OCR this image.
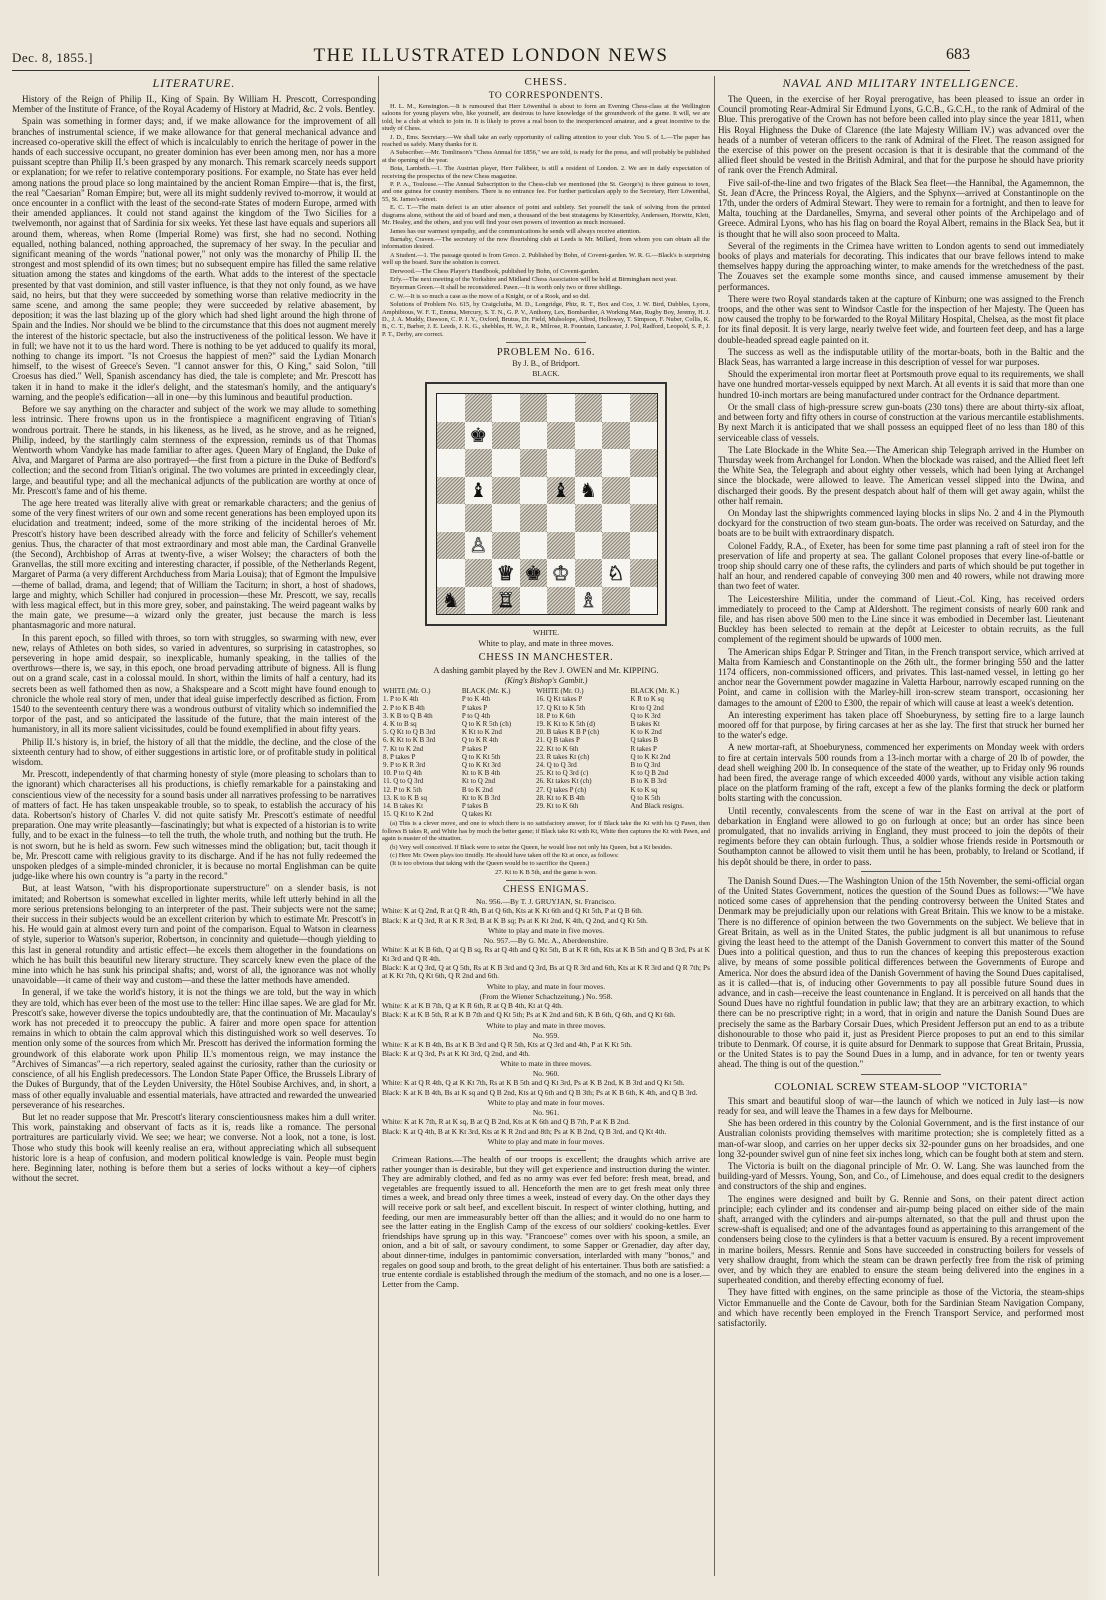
Dec. 8, 1855.]	THE ILLUSTRATED LONDON NEWS	683
LITERATURE.
History of the Reign of Philip II., King of Spain. By William H. Prescott, Corresponding Member of the Institute of France, of the Royal Academy of History at Madrid, &c. 2 vols. Bentley.
Spain was something in former days; and, if we make allowance for the improvement of all branches of instrumental science, if we make allowance for that general mechanical advance and increased co-operative skill the effect of which is incalculably to enrich the heritage of power in the hands of each successive occupant, no greater dominion has ever been among men, nor has a more puissant sceptre than Philip II.'s been grasped by any monarch. This remark scarcely needs support or explanation; for we refer to relative contemporary positions. For example, no State has ever held among nations the proud place so long maintained by the ancient Roman Empire—that is, the first, the real "Caesarian" Roman Empire; but, were all its might suddenly revived to-morrow, it would at once encounter in a conflict with the least of the second-rate States of modern Europe, armed with their amended appliances. It could not stand against the kingdom of the Two Sicilies for a twelvemonth, nor against that of Sardinia for six weeks. Yet these last have equals and superiors all around them, whereas, when Rome (Imperial Rome) was first, she had no second. Nothing equalled, nothing balanced, nothing approached, the supremacy of her sway. In the peculiar and significant meaning of the words "national power," not only was the monarchy of Philip II. the strongest and most splendid of its own times; but no subsequent empire has filled the same relative situation among the states and kingdoms of the earth. What adds to the interest of the spectacle presented by that vast dominion, and still vaster influence, is that they not only found, as we have said, no heirs, but that they were succeeded by something worse than relative mediocrity in the same scene, and among the same people; they were succeeded by relative abasement, by deposition; it was the last blazing up of the glory which had shed light around the high throne of Spain and the Indies. Nor should we be blind to the circumstance that this does not augment merely the interest of the historic spectacle, but also the instructiveness of the political lesson. We have it in full; we have not it to us the hard word. There is nothing to be yet adduced to qualify its moral, nothing to change its import. "Is not Croesus the happiest of men?" said the Lydian Monarch himself, to the wisest of Greece's Seven. "I cannot answer for this, O King," said Solon, "till Croesus has died." Well, Spanish ascendancy has died, the tale is complete; and Mr. Prescott has taken it in hand to make it the idler's delight, and the statesman's homily, and the antiquary's warning, and the people's edification—all in one—by this luminous and beautiful production.
Before we say anything on the character and subject of the work we may allude to something less intrinsic. There frowns upon us in the frontispiece a magnificent engraving of Titian's wondrous portrait. There he stands, in his likeness, as he lived, as he strove, and as he reigned, Philip, indeed, by the startlingly calm sternness of the expression, reminds us of that Thomas Wentworth whom Vandyke has made familiar to after ages. Queen Mary of England, the Duke of Alva, and Margaret of Parma are also portrayed—the first from a picture in the Duke of Bedford's collection; and the second from Titian's original. The two volumes are printed in exceedingly clear, large, and beautiful type; and all the mechanical adjuncts of the publication are worthy at once of Mr. Prescott's fame and of his theme.
The age here treated was literally alive with great or remarkable characters; and the genius of some of the very finest writers of our own and some recent generations has been employed upon its elucidation and treatment; indeed, some of the more striking of the incidental heroes of Mr. Prescott's history have been described already with the force and felicity of Schiller's vehement genius. Thus, the character of that most extraordinary and most able man, the Cardinal Granvelle (the Second), Archbishop of Arras at twenty-five, a wiser Wolsey; the characters of both the Granvellas, the still more exciting and interesting character, if possible, of the Netherlands Regent, Margaret of Parma (a very different Archduchess from Maria Louisa); that of Egmont the Impulsive—theme of ballad, drama, and legend; that of William the Taciturn; in short, a host of shadows, large and mighty, which Schiller had conjured in procession—these Mr. Prescott, we say, recalls with less magical effect, but in this more grey, sober, and painstaking. The weird pageant walks by the main gate, we presume—a wizard only the greater, just because the march is less phantasmagoric and more natural.
In this parent epoch, so filled with throes, so torn with struggles, so swarming with new, ever new, relays of Athletes on both sides, so varied in adventures, so surprising in catastrophes, so persevering in hope amid despair, so inexplicable, humanly speaking, in the tallies of the overthrows—there is, we say, in this epoch, one broad pervading attribute of bigness. All is flung out on a grand scale, cast in a colossal mould. In short, within the limits of half a century, had its secrets been as well fathomed then as now, a Shakspeare and a Scott might have found enough to chronicle the whole real story of men, under that ideal guise imperfectly described as fiction. From 1540 to the seventeenth century there was a wondrous outburst of vitality which so indemnified the torpor of the past, and so anticipated the lassitude of the future, that the main interest of the humanistory, in all its more salient vicissitudes, could be found exemplified in about fifty years.
Philip II.'s history is, in brief, the history of all that the middle, the decline, and the close of the sixteenth century had to show, of either suggestions in artistic lore, or of profitable study in political wisdom.
Mr. Prescott, independently of that charming honesty of style (more pleasing to scholars than to the ignorant) which characterises all his productions, is chiefly remarkable for a painstaking and conscientious view of the necessity for a sound basis under all narratives professing to be narratives of matters of fact. He has taken unspeakable trouble, so to speak, to establish the accuracy of his data. Robertson's history of Charles V. did not quite satisfy Mr. Prescott's estimate of needful preparation. One may write pleasantly—fascinatingly; but what is expected of a historian is to write fully, and to be exact in the fulness—to tell the truth, the whole truth, and nothing but the truth. He is not sworn, but he is held as sworn. Few such witnesses mind the obligation; but, tacit though it be, Mr. Prescott came with religious gravity to its discharge. And if he has not fully redeemed the unspoken pledges of a simple-minded chronicler, it is because no mortal Englishman can be quite judge-like where his own country is "a party in the record."
But, at least Watson, "with his disproportionate superstructure" on a slender basis, is not imitated; and Robertson is somewhat excelled in lighter merits, while left utterly behind in all the more serious pretensions belonging to an interpreter of the past. Their subjects were not the same; their success in their subjects would be an excellent criterion by which to estimate Mr. Prescott's in his. He would gain at almost every turn and point of the comparison. Equal to Watson in clearness of style, superior to Watson's superior, Robertson, in concinnity and quietude—though yielding to this last in general rotundity and artistic effect—he excels them altogether in the foundations on which he has built this beautiful new literary structure. They scarcely knew even the place of the mine into which he has sunk his principal shafts; and, worst of all, the ignorance was not wholly unavoidable—it came of their way and custom—and these the latter methods have amended.
In general, if we take the world's history, it is not the things we are told, but the way in which they are told, which has ever been of the most use to the teller: Hinc illae sapes. We are glad for Mr. Prescott's sake, however diverse the topics undoubtedly are, that the continuation of Mr. Macaulay's work has not preceded it to preoccupy the public. A fairer and more open space for attention remains in which to obtain the calm approval which this distinguished work so well deserves. To mention only some of the sources from which Mr. Prescott has derived the information forming the groundwork of this elaborate work upon Philip II.'s momentous reign, we may instance the "Archives of Simancas"—a rich repertory, sealed against the curiosity, rather than the curiosity or conscience, of all his English predecessors. The London State Paper Office, the Brussels Library of the Dukes of Burgundy, that of the Leyden University, the Hôtel Soubise Archives, and, in short, a mass of other equally invaluable and essential materials, have attracted and rewarded the unwearied perseverance of his researches.
But let no reader suppose that Mr. Prescott's literary conscientiousness makes him a dull writer. This work, painstaking and observant of facts as it is, reads like a romance. The personal portraitures are particularly vivid. We see; we hear; we converse. Not a look, not a tone, is lost. Those who study this book will keenly realise an era, without appreciating which all subsequent historic lore is a heap of confusion, and modern political knowledge is vain. People must begin here. Beginning later, nothing is before them but a series of locks without a key—of ciphers without the secret.
CHESS.
TO CORRESPONDENTS.
H. L. M., Kensington.—It is rumoured that Herr Löwenthal is about to form an Evening Chess-class at the Wellington saloons for young players who, like yourself, are desirous to have knowledge of the groundwork of the game. It will, we are told, be a club at which to join in. It is likely to prove a real boon to the inexperienced amateur, and a great incentive to the study of Chess.
J. D., Ems. Secretary.—We shall take an early opportunity of calling attention to your club. You S. of L.—The paper has reached us safely. Many thanks for it.
A Subscriber.—Mr. Tomlinson's "Chess Annual for 1856," we are told, is ready for the press, and will probably be published at the opening of the year.
Bota, Lambeth.—1. The Austrian player, Herr Falkbeer, is still a resident of London. 2. We are in daily expectation of receiving the prospectus of the new Chess magazine.
P. P. A., Toulouse.—The Annual Subscription to the Chess-club we mentioned (the St. George's) is three guineas to town, and one guinea for country members. There is no entrance fee. For further particulars apply to the Secretary, Herr Löwenthal, 55, St. James's-street.
E. C. T.—The main defect is an utter absence of point and subtlety. Set yourself the task of solving from the printed diagrams alone, without the aid of board and men, a thousand of the best stratagems by Kieseritzky, Anderssen, Horwitz, Klett, Mr. Healey, and the others, and you will find your own powers of invention as much increased.
James has our warmest sympathy, and the communications he sends will always receive attention.
Barnaby, Craven.—The secretary of the now flourishing club at Leeds is Mr. Millard, from whom you can obtain all the information desired.
A Student.—1. The passage quoted is from Greco. 2. Published by Bohn, of Covent-garden. W. R. G.—Black's is surprising well up the board. Sure the solution is correct.
Derwood.—The Chess Player's Handbook, published by Bohn, of Covent-garden.
Erfy.—The next meeting of the Yorkshire and Midland Chess Association will be held at Birmingham next year.
Bryerman Green.—It shall be reconsidered. Pawn.—It is worth only two or three shillings.
C. W.—It is so much a case as the move of a Knight, or of a Rook, and so did.
Solutions of Problem No. 615, by Craigclutha, M. D., Longridge, Phiz, R. T., Box and Cox, J. W. Bird, Dubbles, Lyons, Amphibious, W. F. T., Emma, Mercury, S. T. N., G. P. V., Anthony, Lex, Bombardier, A Working Man, Rugby Boy, Jeremy, H. J. D., J. A. Muddy, Dawson, C. P. J. Y., Oxford, Brutus, Dr. Field, Mulsolope, Alfred, Holloway, T. Simpson, F. Nuber, Collis, K. B., C. T., Barber, J. E. Leeds, J. K. G., shebbles, H. W., J. R., Milrose, R. Fountain, Lancaster, J. Pol, Radford, Leopold, S. P., J. P. T., Derby, are correct.
PROBLEM No. 616.
By J. B., of Bridport.
BLACK.
♚
♝	♝ ♞
♙
♕ ♚ ♔ ♘
♞ ♖	♗
WHITE.
White to play, and mate in three moves.
CHESS IN MANCHESTER.
A dashing gambit played by the Rev J. OWEN and Mr. KIPPING.
(King's Bishop's Gambit.)
WHITE (Mr. O.)	BLACK (Mr. K.)	WHITE (Mr. O.)	BLACK (Mr. K.)
1. P to K 4th	P to K 4th	16. Q Kt takes P	K R to K sq
2. P to K B 4th	P takes P	17. Q Kt to K 5th	Kt to Q 2nd
3. K B to Q B 4th	P to Q 4th	18. P to K 6th	Q to K 3rd
4. K to B sq	Q to K R 5th (ch)	19. K Kt to K 5th (d)	B takes Kt
5. Q Kt to Q B 3rd	K Kt to K 2nd	20. B takes K B P (ch)	K to K 2nd
6. K Kt to K B 3rd	Q to K R 4th	21. Q B takes P	Q takes B
7. Kt to K 2nd	P takes P	22. Kt to K 6th	R takes P
8. P takes P	Q to K Kt 5th	23. R takes Kt (ch)	Q to K Kt 2nd
9. P to K R 3rd	Q to K Kt 3rd	24. Q to Q 3rd	B to Q 3rd
10. P to Q 4th	Kt to K B 4th	25. Kt to Q 3rd (c)	K to Q B 2nd
11. Q to Q 3rd	Kt to Q 2nd	26. Kt takes Kt (ch)	B to K B 3rd
12. P to K 5th	B to K 2nd	27. Q takes P (ch)	K to K sq
13. K to K B sq	Kt to K B 3rd	28. Kt to K B 4th	Q to K 5th
14. B takes Kt	P takes B	29. Kt to K 6th	And Black resigns.
15. Q Kt to K 2nd	Q takes Kt		
(a) This is a clever move, and one to which there is no satisfactory answer, for if Black take the Kt with his Q Pawn, then follows B takes R, and White has by much the better game; if Black take Kt with Kt, White then captures the Kt with Pawn, and again is master of the situation.
(b) Very well conceived. If Black were to seize the Queen, he would lose not only his Queen, but a Kt besides.
(c) Here Mr. Owen plays too timidly. He should have taken off the Kt at once, as follows:
(It is too obvious that taking with the Queen would be to sacrifice the Queen.)
27. Kt to K B 5th, and the game is won.
CHESS ENIGMAS.
No. 956.—By T. J. GRUYJAN, St. Francisco.
White: K at Q 2nd, R at Q R 4th, B at Q 6th, Kts at K Kt 6th and Q Kt 5th, P at Q B 6th.
Black: K at Q 3rd, R at K R 3rd, B at K B sq; Ps at K Kt 2nd, K 4th, Q 2nd, and Q Kt 5th.
White to play and mate in five moves.
No. 957.—By G. Mc. A., Aberdeenshire.
White: K at K B 6th, Q at Q B sq, Rs at Q 4th and Q Kt 5th, B at K R 6th, Kts at K B 5th and Q B 3rd, Ps at K Kt 3rd and Q R 4th.
Black: K at Q 3rd, Q at Q 5th, Rs at K B 3rd and Q 3rd, Bs at Q R 3rd and 6th, Kts at K R 3rd and Q R 7th; Ps at K Kt 7th, Q Kt 6th, Q R 2nd and 6th.
White to play, and mate in four moves.
(From the Wiener Schachzeitung.) No. 958.
White: K at K B 7th, Q at K R 6th, R at Q B 4th, Kt at Q 4th.
Black: K at K B 5th, R at K B 7th and Q Kt 5th; Ps at K 2nd and 6th, K B 6th, Q 6th, and Q Kt 6th.
White to play and mate in three moves.
No. 959.
White: K at K B 4th, Bs at K B 3rd and Q R 5th, Kts at Q 3rd and 4th, P at K Kt 5th.
Black: K at Q 3rd, Ps at K Kt 3rd, Q 2nd, and 4th.
White to mate in three moves.
No. 960.
White: K at Q R 4th, Q at K Kt 7th, Rs at K B 5th and Q Kt 3rd, Ps at K B 2nd, K B 3rd and Q Kt 5th.
Black: K at K B 4th, Bs at K sq and Q B 2nd, Kts at Q 6th and Q B 3th; Ps at K B 6th, K 4th, and Q B 3rd.
White to play and mate in four moves.
No. 961.
White: K at K 7th, R at K sq, B at Q B 2nd, Kts at K 6th and Q B 7th, P at K B 2nd.
Black: K at Q 4th, B at K Kt 3rd, Kts at K R 2nd and 8th; Ps at K B 2nd, Q B 3rd, and Q Kt 4th.
White to play and mate in four moves.
Crimean Rations.—The health of our troops is excellent; the draughts which arrive are rather younger than is desirable, but they will get experience and instruction during the winter. They are admirably clothed, and fed as no army was ever fed before: fresh meat, bread, and vegetables are frequently issued to all. Henceforth the men are to get fresh meat only three times a week, and bread only three times a week, instead of every day. On the other days they will receive pork or salt beef, and excellent biscuit. In respect of winter clothing, hutting, and feeding, our men are immeasurably better off than the allies; and it would do no one harm to see the latter eating in the English Camp of the excess of our soldiers' cooking-kettles. Ever friendships have sprung up in this way. "Francoese" comes over with his spoon, a smile, an onion, and a bit of salt, or savoury condiment, to some Sapper or Grenadier, day after day, about dinner-time, indulges in pantomimic conversation, interlarded with many "bonos," and regales on good soup and broth, to the great delight of his entertainer. Thus both are satisfied: a true entente cordiale is established through the medium of the stomach, and no one is a loser.—Letter from the Camp.
NAVAL AND MILITARY INTELLIGENCE.
The Queen, in the exercise of her Royal prerogative, has been pleased to issue an order in Council promoting Rear-Admiral Sir Edmund Lyons, G.C.B., G.C.H., to the rank of Admiral of the Blue. This prerogative of the Crown has not before been called into play since the year 1811, when His Royal Highness the Duke of Clarence (the late Majesty William IV.) was advanced over the heads of a number of veteran officers to the rank of Admiral of the Fleet. The reason assigned for the exercise of this power on the present occasion is that it is desirable that the command of the allied fleet should be vested in the British Admiral, and that for the purpose he should have priority of rank over the French Admiral.
Five sail-of-the-line and two frigates of the Black Sea fleet—the Hannibal, the Agamemnon, the St. Jean d'Acre, the Princess Royal, the Algiers, and the Sphynx—arrived at Constantinople on the 17th, under the orders of Admiral Stewart. They were to remain for a fortnight, and then to leave for Malta, touching at the Dardanelles, Smyrna, and several other points of the Archipelago and of Greece. Admiral Lyons, who has his flag on board the Royal Albert, remains in the Black Sea, but it is thought that he will also soon proceed to Malta.
Several of the regiments in the Crimea have written to London agents to send out immediately books of plays and materials for decorating. This indicates that our brave fellows intend to make themselves happy during the approaching winter, to make amends for the wretchedness of the past. The Zouaves set the example some months since, and caused immense amusement by their performances.
There were two Royal standards taken at the capture of Kinburn; one was assigned to the French troops, and the other was sent to Windsor Castle for the inspection of her Majesty. The Queen has now caused the trophy to be forwarded to the Royal Military Hospital, Chelsea, as the most fit place for its final deposit. It is very large, nearly twelve feet wide, and fourteen feet deep, and has a large double-headed spread eagle painted on it.
The success as well as the indisputable utility of the mortar-boats, both in the Baltic and the Black Seas, has warranted a large increase in this description of vessel for war purposes.
Should the experimental iron mortar fleet at Portsmouth prove equal to its requirements, we shall have one hundred mortar-vessels equipped by next March. At all events it is said that more than one hundred 10-inch mortars are being manufactured under contract for the Ordnance department.
Or the small class of high-pressure screw gun-boats (230 tons) there are about thirty-six afloat, and between forty and fifty others in course of construction at the various mercantile establishments. By next March it is anticipated that we shall possess an equipped fleet of no less than 180 of this serviceable class of vessels.
The Late Blockade in the White Sea.—The American ship Telegraph arrived in the Humber on Thursday week from Archangel for London. When the blockade was raised, and the Allied fleet left the White Sea, the Telegraph and about eighty other vessels, which had been lying at Archangel since the blockade, were allowed to leave. The American vessel slipped into the Dwina, and discharged their goods. By the present despatch about half of them will get away again, whilst the other half remain.
On Monday last the shipwrights commenced laying blocks in slips No. 2 and 4 in the Plymouth dockyard for the construction of two steam gun-boats. The order was received on Saturday, and the boats are to be built with extraordinary dispatch.
Colonel Faddy, R.A., of Exeter, has been for some time past planning a raft of steel iron for the preservation of life and property at sea. The gallant Colonel proposes that every line-of-battle or troop ship should carry one of these rafts, the cylinders and parts of which should be put together in half an hour, and rendered capable of conveying 300 men and 40 rowers, while not drawing more than two feet of water.
The Leicestershire Militia, under the command of Lieut.-Col. King, has received orders immediately to proceed to the Camp at Aldershott. The regiment consists of nearly 600 rank and file, and has risen above 500 men to the Line since it was embodied in December last. Lieutenant Buckley has been selected to remain at the depôt at Leicester to obtain recruits, as the full complement of the regiment should be upwards of 1000 men.
The American ships Edgar P. Stringer and Titan, in the French transport service, which arrived at Malta from Kamiesch and Constantinople on the 26th ult., the former bringing 550 and the latter 1174 officers, non-commissioned officers, and privates. This last-named vessel, in letting go her anchor near the Government powder magazine in Valetta Harbour, narrowly escaped running on the Point, and came in collision with the Marley-hill iron-screw steam transport, occasioning her damages to the amount of £200 to £300, the repair of which will cause at least a week's detention.
An interesting experiment has taken place off Shoeburyness, by setting fire to a large launch moored off for that purpose, by firing carcases at her as she lay. The first that struck her burned her to the water's edge.
A new mortar-raft, at Shoeburyness, commenced her experiments on Monday week with orders to fire at certain intervals 500 rounds from a 13-inch mortar with a charge of 20 lb of powder, the dead shell weighing 200 lb. In consequence of the state of the weather, up to Friday only 96 rounds had been fired, the average range of which exceeded 4000 yards, without any visible action taking place on the platform framing of the raft, except a few of the planks forming the deck or platform bolts starting with the concussion.
Until recently, convalescents from the scene of war in the East on arrival at the port of debarkation in England were allowed to go on furlough at once; but an order has since been promulgated, that no invalids arriving in England, they must proceed to join the depôts of their regiments before they can obtain furlough. Thus, a soldier whose friends reside in Portsmouth or Southampton cannot be allowed to visit them until he has been, probably, to Ireland or Scotland, if his depôt should be there, in order to pass.
The Danish Sound Dues.—The Washington Union of the 15th November, the semi-official organ of the United States Government, notices the question of the Sound Dues as follows:—"We have noticed some cases of apprehension that the pending controversy between the United States and Denmark may be prejudicially upon our relations with Great Britain. This we know to be a mistake. There is no difference of opinion between the two Governments on the subject. We believe that in Great Britain, as well as in the United States, the public judgment is all but unanimous to refuse giving the least heed to the attempt of the Danish Government to convert this matter of the Sound Dues into a political question, and thus to run the chances of keeping this preposterous exaction alive, by means of some possible political differences between the Governments of Europe and America. Nor does the absurd idea of the Danish Government of having the Sound Dues capitalised, as it is called—that is, of inducing other Governments to pay all possible future Sound dues in advance, and in cash—receive the least countenance in England. It is perceived on all hands that the Sound Dues have no rightful foundation in public law; that they are an arbitrary exaction, to which there can be no prescriptive right; in a word, that in origin and nature the Danish Sound Dues are precisely the same as the Barbary Corsair Dues, which President Jefferson put an end to as a tribute dishonourable to those who paid it, just as President Pierce proposes to put an end to this similar tribute to Denmark. Of course, it is quite absurd for Denmark to suppose that Great Britain, Prussia, or the United States is to pay the Sound Dues in a lump, and in advance, for ten or twenty years ahead. The thing is out of the question."
COLONIAL SCREW STEAM-SLOOP "VICTORIA"
This smart and beautiful sloop of war—the launch of which we noticed in July last—is now ready for sea, and will leave the Thames in a few days for Melbourne.
She has been ordered in this country by the Colonial Government, and is the first instance of our Australian colonists providing themselves with maritime protection; she is completely fitted as a man-of-war sloop, and carries on her upper decks six 32-pounder guns on her broadsides, and one long 32-pounder swivel gun of nine feet six inches long, which can be fought both at stem and stern.
The Victoria is built on the diagonal principle of Mr. O. W. Lang. She was launched from the building-yard of Messrs. Young, Son, and Co., of Limehouse, and does equal credit to the designers and constructors of the ship and engines.
The engines were designed and built by G. Rennie and Sons, on their patent direct action principle; each cylinder and its condenser and air-pump being placed on either side of the main shaft, arranged with the cylinders and air-pumps alternated, so that the pull and thrust upon the screw-shaft is equalised; and one of the advantages found as appertaining to this arrangement of the condensers being close to the cylinders is that a better vacuum is ensured. By a recent improvement in marine boilers, Messrs. Rennie and Sons have succeeded in constructing boilers for vessels of very shallow draught, from which the steam can be drawn perfectly free from the risk of priming over, and by which they are enabled to ensure the steam being delivered into the engines in a superheated condition, and thereby effecting economy of fuel.
They have fitted with engines, on the same principle as those of the Victoria, the steam-ships Victor Emmanuelle and the Conte de Cavour, both for the Sardinian Steam Navigation Company, and which have recently been employed in the French Transport Service, and performed most satisfactorily.
